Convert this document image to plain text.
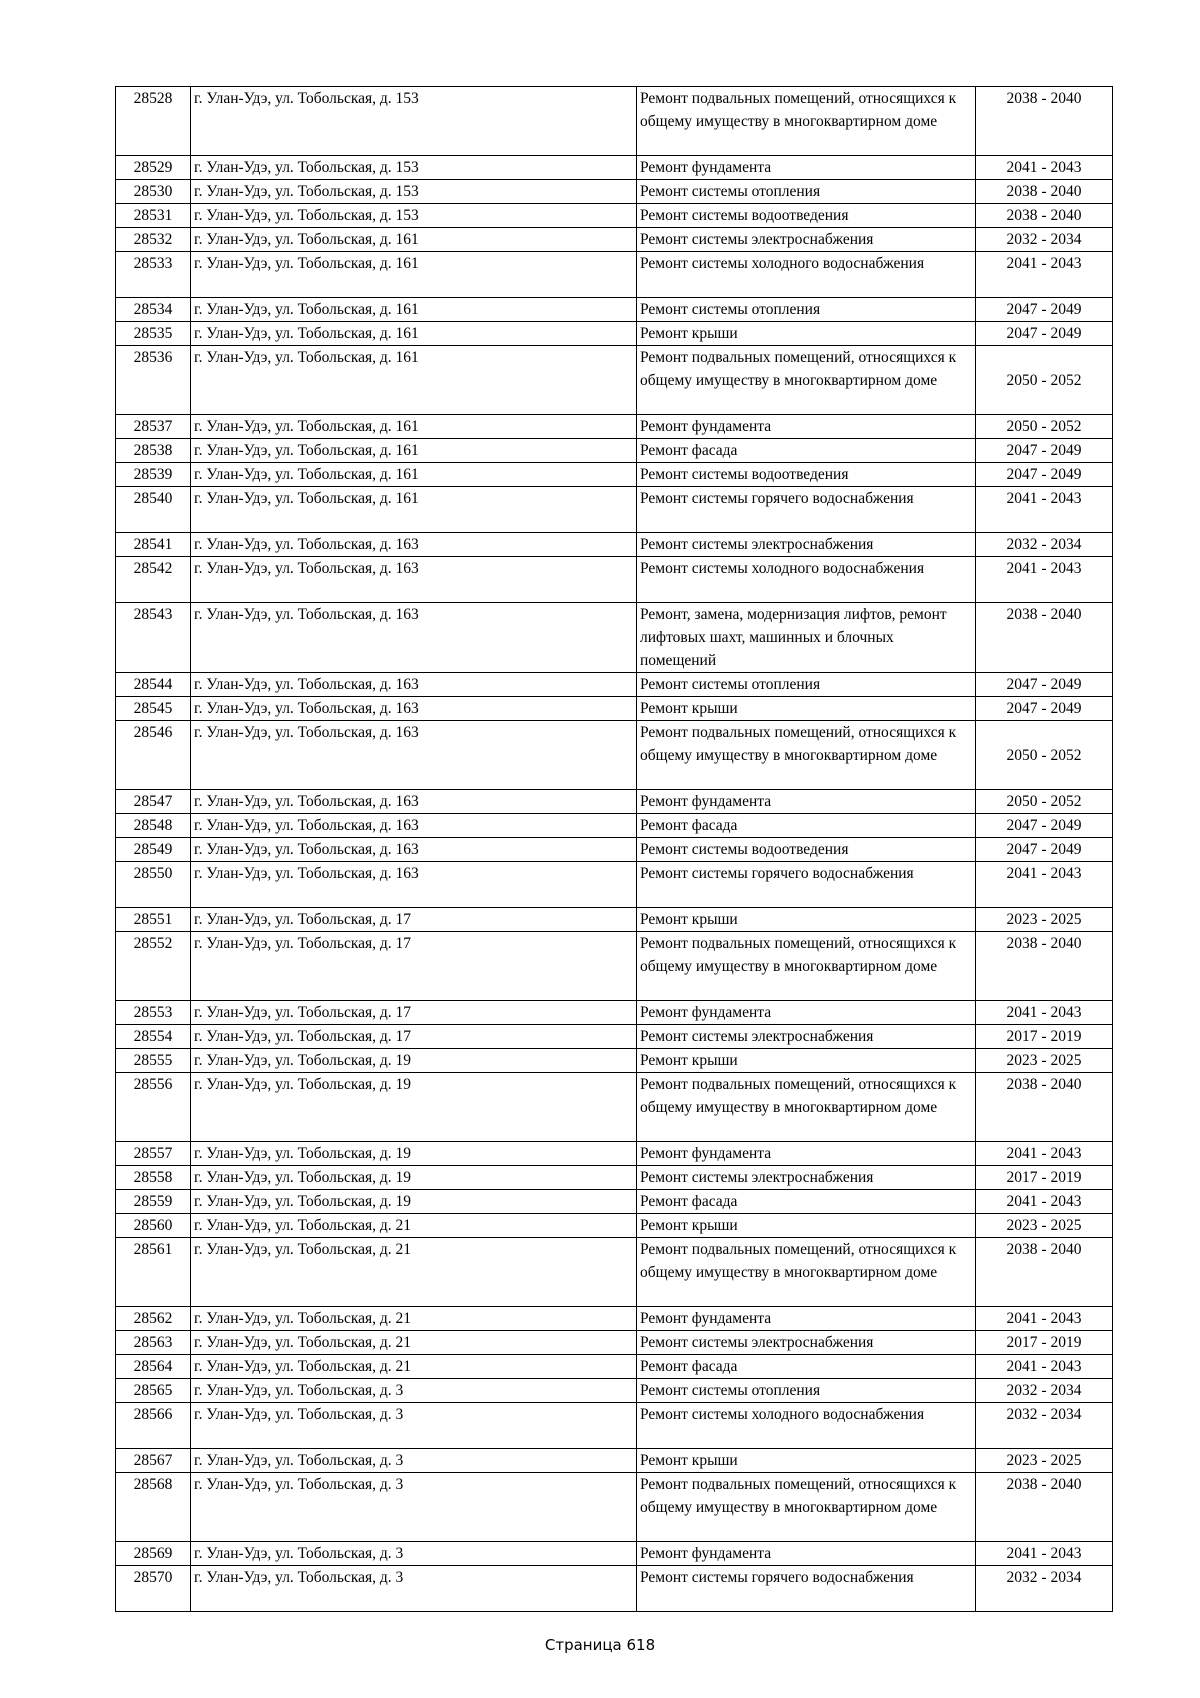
28528	г. Улан-Удэ, ул. Тобольская, д. 153	Ремонт подвальных помещений, относящихся к общему имуществу в многоквартирном доме	2038 - 2040
28529	г. Улан-Удэ, ул. Тобольская, д. 153	Ремонт фундамента	2041 - 2043
28530	г. Улан-Удэ, ул. Тобольская, д. 153	Ремонт системы отопления	2038 - 2040
28531	г. Улан-Удэ, ул. Тобольская, д. 153	Ремонт системы водоотведения	2038 - 2040
28532	г. Улан-Удэ, ул. Тобольская, д. 161	Ремонт системы электроснабжения	2032 - 2034
28533	г. Улан-Удэ, ул. Тобольская, д. 161	Ремонт системы холодного водоснабжения	2041 - 2043
28534	г. Улан-Удэ, ул. Тобольская, д. 161	Ремонт системы отопления	2047 - 2049
28535	г. Улан-Удэ, ул. Тобольская, д. 161	Ремонт крыши	2047 - 2049
28536	г. Улан-Удэ, ул. Тобольская, д. 161	Ремонт подвальных помещений, относящихся к общему имуществу в многоквартирном доме	2050 - 2052
28537	г. Улан-Удэ, ул. Тобольская, д. 161	Ремонт фундамента	2050 - 2052
28538	г. Улан-Удэ, ул. Тобольская, д. 161	Ремонт фасада	2047 - 2049
28539	г. Улан-Удэ, ул. Тобольская, д. 161	Ремонт системы водоотведения	2047 - 2049
28540	г. Улан-Удэ, ул. Тобольская, д. 161	Ремонт системы горячего водоснабжения	2041 - 2043
28541	г. Улан-Удэ, ул. Тобольская, д. 163	Ремонт системы электроснабжения	2032 - 2034
28542	г. Улан-Удэ, ул. Тобольская, д. 163	Ремонт системы холодного водоснабжения	2041 - 2043
28543	г. Улан-Удэ, ул. Тобольская, д. 163	Ремонт, замена, модернизация лифтов, ремонт лифтовых шахт, машинных и блочных помещений	2038 - 2040
28544	г. Улан-Удэ, ул. Тобольская, д. 163	Ремонт системы отопления	2047 - 2049
28545	г. Улан-Удэ, ул. Тобольская, д. 163	Ремонт крыши	2047 - 2049
28546	г. Улан-Удэ, ул. Тобольская, д. 163	Ремонт подвальных помещений, относящихся к общему имуществу в многоквартирном доме	2050 - 2052
28547	г. Улан-Удэ, ул. Тобольская, д. 163	Ремонт фундамента	2050 - 2052
28548	г. Улан-Удэ, ул. Тобольская, д. 163	Ремонт фасада	2047 - 2049
28549	г. Улан-Удэ, ул. Тобольская, д. 163	Ремонт системы водоотведения	2047 - 2049
28550	г. Улан-Удэ, ул. Тобольская, д. 163	Ремонт системы горячего водоснабжения	2041 - 2043
28551	г. Улан-Удэ, ул. Тобольская, д. 17	Ремонт крыши	2023 - 2025
28552	г. Улан-Удэ, ул. Тобольская, д. 17	Ремонт подвальных помещений, относящихся к общему имуществу в многоквартирном доме	2038 - 2040
28553	г. Улан-Удэ, ул. Тобольская, д. 17	Ремонт фундамента	2041 - 2043
28554	г. Улан-Удэ, ул. Тобольская, д. 17	Ремонт системы электроснабжения	2017 - 2019
28555	г. Улан-Удэ, ул. Тобольская, д. 19	Ремонт крыши	2023 - 2025
28556	г. Улан-Удэ, ул. Тобольская, д. 19	Ремонт подвальных помещений, относящихся к общему имуществу в многоквартирном доме	2038 - 2040
28557	г. Улан-Удэ, ул. Тобольская, д. 19	Ремонт фундамента	2041 - 2043
28558	г. Улан-Удэ, ул. Тобольская, д. 19	Ремонт системы электроснабжения	2017 - 2019
28559	г. Улан-Удэ, ул. Тобольская, д. 19	Ремонт фасада	2041 - 2043
28560	г. Улан-Удэ, ул. Тобольская, д. 21	Ремонт крыши	2023 - 2025
28561	г. Улан-Удэ, ул. Тобольская, д. 21	Ремонт подвальных помещений, относящихся к общему имуществу в многоквартирном доме	2038 - 2040
28562	г. Улан-Удэ, ул. Тобольская, д. 21	Ремонт фундамента	2041 - 2043
28563	г. Улан-Удэ, ул. Тобольская, д. 21	Ремонт системы электроснабжения	2017 - 2019
28564	г. Улан-Удэ, ул. Тобольская, д. 21	Ремонт фасада	2041 - 2043
28565	г. Улан-Удэ, ул. Тобольская, д. 3	Ремонт системы отопления	2032 - 2034
28566	г. Улан-Удэ, ул. Тобольская, д. 3	Ремонт системы холодного водоснабжения	2032 - 2034
28567	г. Улан-Удэ, ул. Тобольская, д. 3	Ремонт крыши	2023 - 2025
28568	г. Улан-Удэ, ул. Тобольская, д. 3	Ремонт подвальных помещений, относящихся к общему имуществу в многоквартирном доме	2038 - 2040
28569	г. Улан-Удэ, ул. Тобольская, д. 3	Ремонт фундамента	2041 - 2043
28570	г. Улан-Удэ, ул. Тобольская, д. 3	Ремонт системы горячего водоснабжения	2032 - 2034
Страница 618
